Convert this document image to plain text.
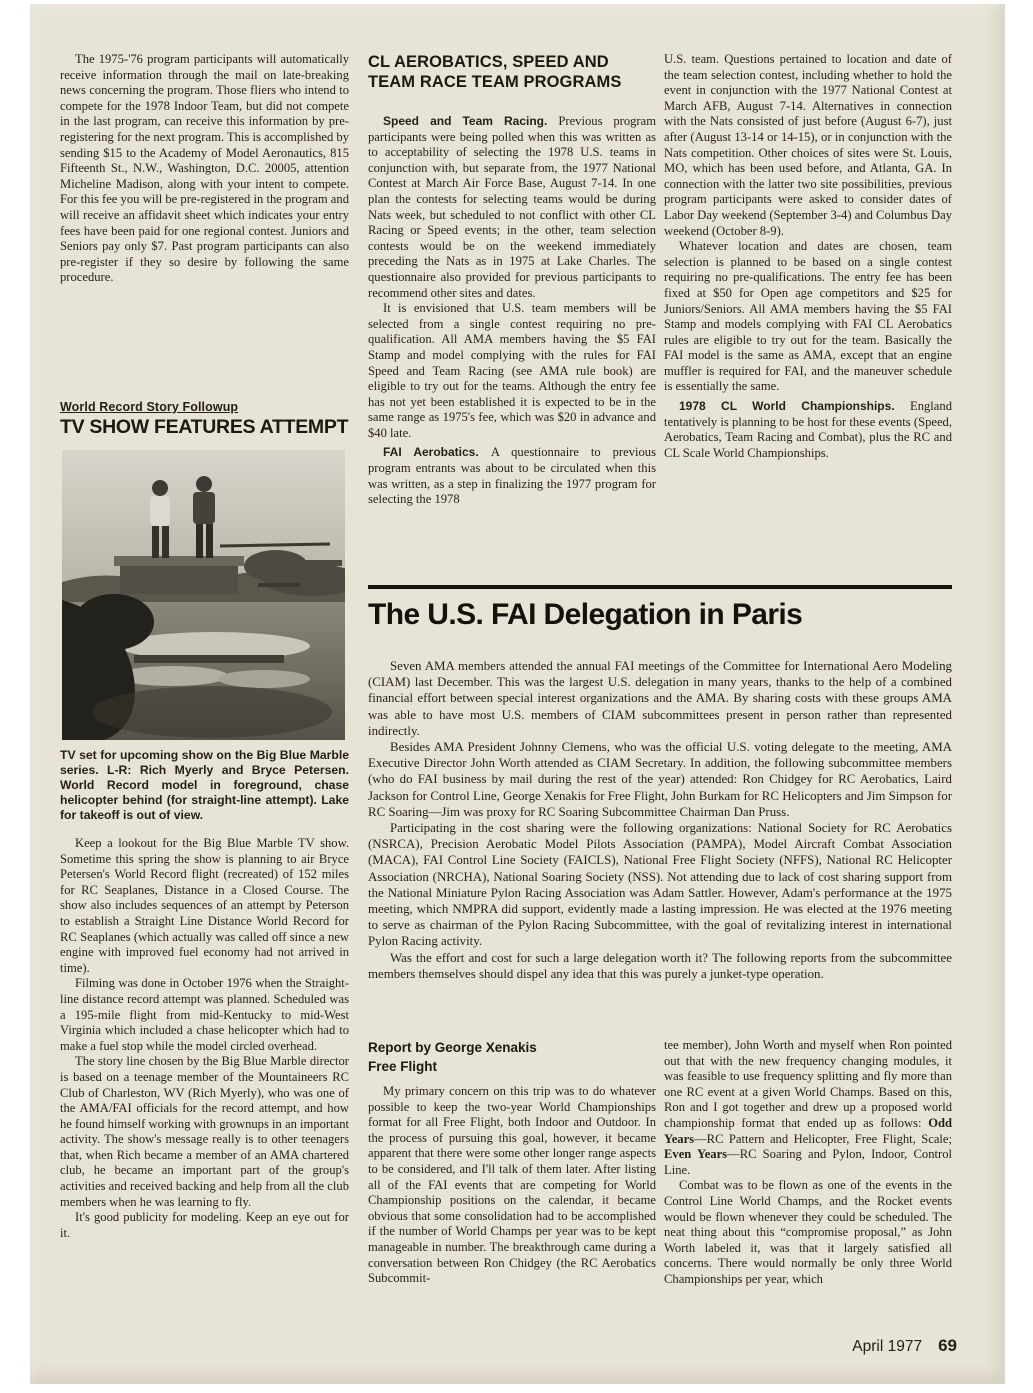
The 1975-'76 program participants will automatically receive information through the mail on late-breaking news concerning the program. Those fliers who intend to compete for the 1978 Indoor Team, but did not compete in the last program, can receive this information by pre-registering for the next program. This is accomplished by sending $15 to the Academy of Model Aeronautics, 815 Fifteenth St., N.W., Washington, D.C. 20005, attention Micheline Madison, along with your intent to compete. For this fee you will be pre-registered in the program and will receive an affidavit sheet which indicates your entry fees have been paid for one regional contest. Juniors and Seniors pay only $7. Past program participants can also pre-register if they so desire by following the same procedure.

World Record Story Followup
TV SHOW FEATURES ATTEMPT
TV set for upcoming show on the Big Blue Marble series. L-R: Rich Myerly and Bryce Petersen. World Record model in foreground, chase helicopter behind (for straight-line attempt). Lake for takeoff is out of view.

Keep a lookout for the Big Blue Marble TV show. Sometime this spring the show is planning to air Bryce Petersen's World Record flight (recreated) of 152 miles for RC Seaplanes, Distance in a Closed Course. The show also includes sequences of an attempt by Peterson to establish a Straight Line Distance World Record for RC Seaplanes (which actually was called off since a new engine with improved fuel economy had not arrived in time).

Filming was done in October 1976 when the Straight-line distance record attempt was planned. Scheduled was a 195-mile flight from mid-Kentucky to mid-West Virginia which included a chase helicopter which had to make a fuel stop while the model circled overhead.

The story line chosen by the Big Blue Marble director is based on a teenage member of the Mountaineers RC Club of Charleston, WV (Rich Myerly), who was one of the AMA/FAI officials for the record attempt, and how he found himself working with grownups in an important activity. The show's message really is to other teenagers that, when Rich became a member of an AMA chartered club, he became an important part of the group's activities and received backing and help from all the club members when he was learning to fly.

It's good publicity for modeling. Keep an eye out for it.

CL AEROBATICS, SPEED AND TEAM RACE TEAM PROGRAMS

Speed and Team Racing. Previous program participants were being polled when this was written as to acceptability of selecting the 1978 U.S. teams in conjunction with, but separate from, the 1977 National Contest at March Air Force Base, August 7-14. In one plan the contests for selecting teams would be during Nats week, but scheduled to not conflict with other CL Racing or Speed events; in the other, team selection contests would be on the weekend immediately preceding the Nats as in 1975 at Lake Charles. The questionnaire also provided for previous participants to recommend other sites and dates.

It is envisioned that U.S. team members will be selected from a single contest requiring no pre-qualification. All AMA members having the $5 FAI Stamp and model complying with the rules for FAI Speed and Team Racing (see AMA rule book) are eligible to try out for the teams. Although the entry fee has not yet been established it is expected to be in the same range as 1975's fee, which was $20 in advance and $40 late.

FAI Aerobatics. A questionnaire to previous program entrants was about to be circulated when this was written, as a step in finalizing the 1977 program for selecting the 1978

U.S. team. Questions pertained to location and date of the team selection contest, including whether to hold the event in conjunction with the 1977 National Contest at March AFB, August 7-14. Alternatives in connection with the Nats consisted of just before (August 6-7), just after (August 13-14 or 14-15), or in conjunction with the Nats competition. Other choices of sites were St. Louis, MO, which has been used before, and Atlanta, GA. In connection with the latter two site possibilities, previous program participants were asked to consider dates of Labor Day weekend (September 3-4) and Columbus Day weekend (October 8-9).

Whatever location and dates are chosen, team selection is planned to be based on a single contest requiring no pre-qualifications. The entry fee has been fixed at $50 for Open age competitors and $25 for Juniors/Seniors. All AMA members having the $5 FAI Stamp and models complying with FAI CL Aerobatics rules are eligible to try out for the team. Basically the FAI model is the same as AMA, except that an engine muffler is required for FAI, and the maneuver schedule is essentially the same.

1978 CL World Championships. England tentatively is planning to be host for these events (Speed, Aerobatics, Team Racing and Combat), plus the RC and CL Scale World Championships.

The U.S. FAI Delegation in Paris

Seven AMA members attended the annual FAI meetings of the Committee for International Aero Modeling (CIAM) last December. This was the largest U.S. delegation in many years, thanks to the help of a combined financial effort between special interest organizations and the AMA. By sharing costs with these groups AMA was able to have most U.S. members of CIAM subcommittees present in person rather than represented indirectly.

Besides AMA President Johnny Clemens, who was the official U.S. voting delegate to the meeting, AMA Executive Director John Worth attended as CIAM Secretary. In addition, the following subcommittee members (who do FAI business by mail during the rest of the year) attended: Ron Chidgey for RC Aerobatics, Laird Jackson for Control Line, George Xenakis for Free Flight, John Burkam for RC Helicopters and Jim Simpson for RC Soaring—Jim was proxy for RC Soaring Subcommittee Chairman Dan Pruss.

Participating in the cost sharing were the following organizations: National Society for RC Aerobatics (NSRCA), Precision Aerobatic Model Pilots Association (PAMPA), Model Aircraft Combat Association (MACA), FAI Control Line Society (FAICLS), National Free Flight Society (NFFS), National RC Helicopter Association (NRCHA), National Soaring Society (NSS). Not attending due to lack of cost sharing support from the National Miniature Pylon Racing Association was Adam Sattler. However, Adam's performance at the 1975 meeting, which NMPRA did support, evidently made a lasting impression. He was elected at the 1976 meeting to serve as chairman of the Pylon Racing Subcommittee, with the goal of revitalizing interest in international Pylon Racing activity.

Was the effort and cost for such a large delegation worth it? The following reports from the subcommittee members themselves should dispel any idea that this was purely a junket-type operation.

Report by George Xenakis
Free Flight

My primary concern on this trip was to do whatever possible to keep the two-year World Championships format for all Free Flight, both Indoor and Outdoor. In the process of pursuing this goal, however, it became apparent that there were some other longer range aspects to be considered, and I'll talk of them later. After listing all of the FAI events that are competing for World Championship positions on the calendar, it became obvious that some consolidation had to be accomplished if the number of World Champs per year was to be kept manageable in number. The breakthrough came during a conversation between Ron Chidgey (the RC Aerobatics Subcommit-

tee member), John Worth and myself when Ron pointed out that with the new frequency changing modules, it was feasible to use frequency splitting and fly more than one RC event at a given World Champs. Based on this, Ron and I got together and drew up a proposed world championship format that ended up as follows: Odd Years—RC Pattern and Helicopter, Free Flight, Scale; Even Years—RC Soaring and Pylon, Indoor, Control Line.

Combat was to be flown as one of the events in the Control Line World Champs, and the Rocket events would be flown whenever they could be scheduled. The neat thing about this “compromise proposal,” as John Worth labeled it, was that it largely satisfied all concerns. There would normally be only three World Championships per year, which

April 1977 69
